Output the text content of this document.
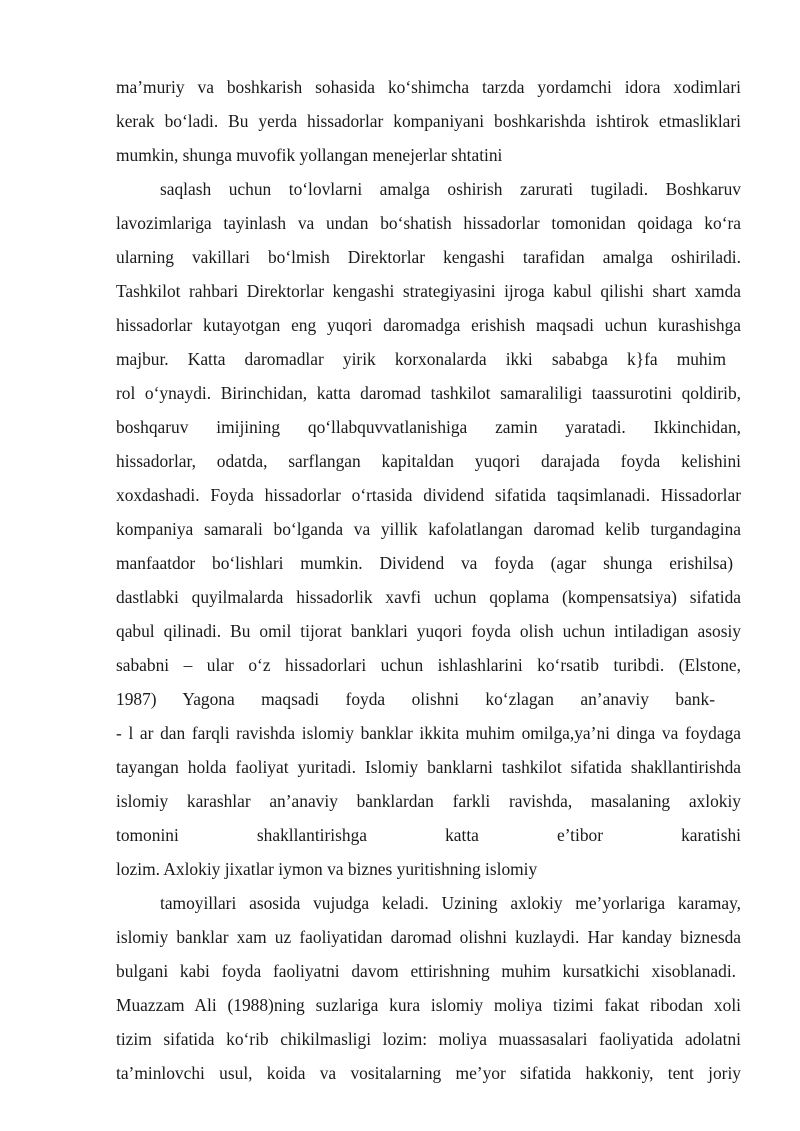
ma’muriy va boshkarish sohasida ko‘shimcha tarzda yordamchi idora xodimlari
kerak bo‘ladi. Bu yerda hissadorlar kompaniyani boshkarishda ishtirok etmasliklari
mumkin, shunga muvofik yollangan menejerlar shtatini
saqlash uchun to‘lovlarni amalga oshirish zarurati tugiladi. Boshkaruv
lavozimlariga tayinlash va undan bo‘shatish hissadorlar tomonidan qoidaga ko‘ra
ularning vakillari bo‘lmish Direktorlar kengashi tarafidan amalga oshiriladi.
Tashkilot rahbari Direktorlar kengashi strategiyasini ijroga kabul qilishi shart xamda
hissadorlar kutayotgan eng yuqori daromadga erishish maqsadi uchun kurashishga
majbur. Katta daromadlar yirik korxonalarda ikki sababga k}fa muhim
rol o‘ynaydi. Birinchidan, katta daromad tashkilot samaraliligi taassurotini qoldirib,
boshqaruv imijining qo‘llabquvvatlanishiga zamin yaratadi. Ikkinchidan,
hissadorlar, odatda, sarflangan kapitaldan yuqori darajada foyda kelishini
xoxdashadi. Foyda hissadorlar o‘rtasida dividend sifatida taqsimlanadi. Hissadorlar
kompaniya samarali bo‘lganda va yillik kafolatlangan daromad kelib turgandagina
manfaatdor bo‘lishlari mumkin. Dividend va foyda (agar shunga erishilsa)
dastlabki quyilmalarda hissadorlik xavfi uchun qoplama (kompensatsiya) sifatida
qabul qilinadi. Bu omil tijorat banklari yuqori foyda olish uchun intiladigan asosiy
sababni – ular o‘z hissadorlari uchun ishlashlarini ko‘rsatib turibdi. (Elstone,
1987) Yagona maqsadi foyda olishni ko‘zlagan an’anaviy bank-
- l ar dan farqli ravishda islomiy banklar ikkita muhim omilga,ya’ni dinga va foydaga
tayangan holda faoliyat yuritadi. Islomiy banklarni tashkilot sifatida shakllantirishda
islomiy karashlar an’anaviy banklardan farkli ravishda, masalaning axlokiy
tomonini shakllantirishga katta e’tibor karatishi
lozim. Axlokiy jixatlar iymon va biznes yuritishning islomiy
tamoyillari asosida vujudga keladi. Uzining axlokiy me’yorlariga karamay,
islomiy banklar xam uz faoliyatidan daromad olishni kuzlaydi. Har kanday biznesda
bulgani kabi foyda faoliyatni davom ettirishning muhim kursatkichi xisoblanadi.
Muazzam Ali (1988)ning suzlariga kura islomiy moliya tizimi fakat ribodan xoli
tizim sifatida ko‘rib chikilmasligi lozim: moliya muassasalari faoliyatida adolatni
ta’minlovchi usul, koida va vositalarning me’yor sifatida hakkoniy, tent joriy
